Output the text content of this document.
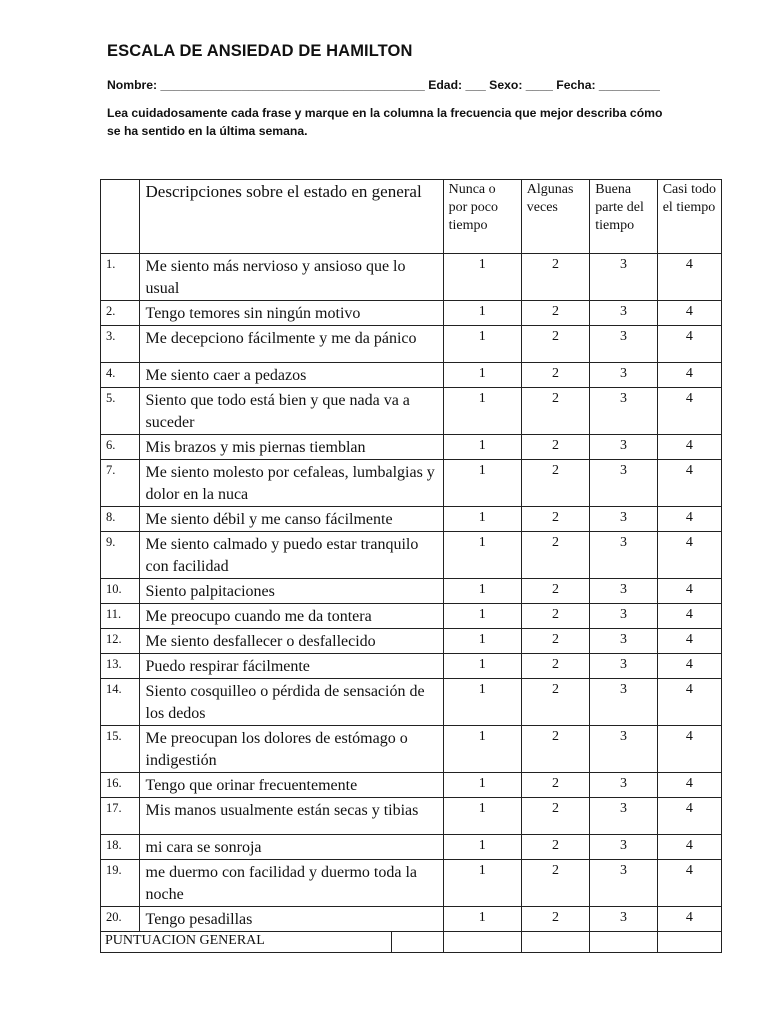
ESCALA DE ANSIEDAD DE HAMILTON
Nombre: _______________________________________ Edad: ___ Sexo: ____ Fecha: _________
Lea cuidadosamente cada frase y marque en la columna la frecuencia que mejor describa cómo se ha sentido en la última semana.
	Descripciones sobre el estado en general		Nunca o por poco tiempo	Algunas veces	Buena parte del tiempo	Casi todo el tiempo
1.	Me siento más nervioso y ansioso que lo usual		1	2	3	4
2.	Tengo temores sin ningún motivo		1	2	3	4
3.	Me decepciono fácilmente y me da pánico		1	2	3	4
4.	Me siento caer a pedazos		1	2	3	4
5.	Siento que todo está bien y que nada va a suceder		1	2	3	4
6.	Mis brazos y mis piernas tiemblan		1	2	3	4
7.	Me siento molesto por cefaleas, lumbalgias y dolor en la nuca		1	2	3	4
8.	Me siento débil y me canso fácilmente		1	2	3	4
9.	Me siento calmado y puedo estar tranquilo con facilidad		1	2	3	4
10.	Siento palpitaciones		1	2	3	4
11.	Me preocupo cuando me da tontera		1	2	3	4
12.	Me siento desfallecer o desfallecido		1	2	3	4
13.	Puedo respirar fácilmente		1	2	3	4
14.	Siento cosquilleo o pérdida de sensación de los dedos		1	2	3	4
15.	Me preocupan los dolores de estómago o indigestión		1	2	3	4
16.	Tengo que orinar frecuentemente		1	2	3	4
17.	Mis manos usualmente están secas y tibias		1	2	3	4
18.	mi cara se sonroja		1	2	3	4
19.	me duermo con facilidad y duermo toda la noche		1	2	3	4
20.	Tengo pesadillas		1	2	3	4
PUNTUACION GENERAL						
